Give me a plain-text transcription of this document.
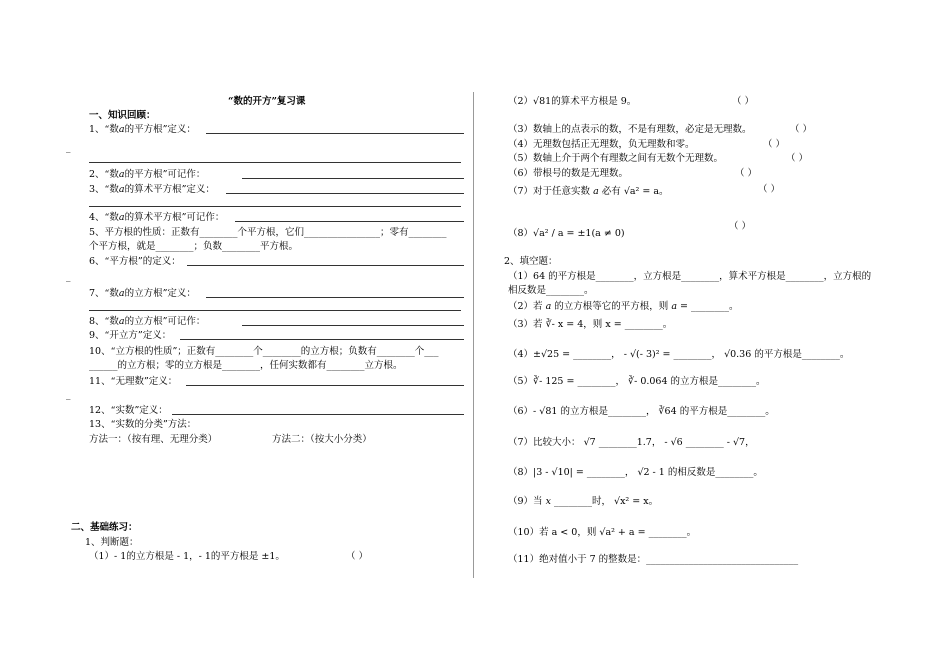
“数的开方”复习课
一、知识回顾：
1、“数a的平方根”定义：
_
2、“数a的平方根”可记作：
3、“数a的算术平方根”定义：
4、“数a的算术平方根”可记作：
5、平方根的性质：正数有________个平方根，它们________________；零有________
个平方根，就是________；负数________平方根。
6、“平方根”的定义：
_
7、“数a的立方根”定义：
8、“数a的立方根”可记作：
9、“开立方”定义：
10、“立方根的性质”；正数有________个________的立方根；负数有________个___
______的立方根；零的立方根是________，任何实数都有________立方根。
11、“无理数”定义：
_
12、“实数”定义：
13、“实数的分类”方法：
方法一：（按有理、无理分类）	方法二：（按大小分类）
二、基础练习：
1、判断题：
（1）- 1的立方根是 - 1，- 1的平方根是 ±1。	（ ）
（2）√81的算术平方根是 9。	（ ）
（3）数轴上的点表示的数，不是有理数，必定是无理数。	（ ）
（4）无理数包括正无理数，负无理数和零。	（ ）
（5）数轴上介于两个有理数之间有无数个无理数。	（ ）
（6）带根号的数是无理数。	（ ）
（7）对于任意实数 a 必有 √a² = a。	（ ）
（8）√a² / a = ±1(a ≠ 0)
（ ）
2、填空题：
（1）64 的平方根是________，立方根是________，算术平方根是________，立方根的
相反数是________。
（2）若 a 的立方根等它的平方根，则 a = ________。
（3）若 ∛- x = 4，则 x = ________。
（4）±√25 = ________， - √(- 3)² = ________， √0.36 的平方根是________。
（5）∛- 125 = ________， ∛- 0.064 的立方根是________。
（6）- √81 的立方根是________， ∛64 的平方根是________。
（7）比较大小： √7 ________1.7， - √6 ________ - √7，
（8）|3 - √10| = ________， √2 - 1 的相反数是________。
（9）当 x ________时， √x² = x。
（10）若 a < 0，则 √a² + a = ________。
（11）绝对值小于 7 的整数是：________________________________
